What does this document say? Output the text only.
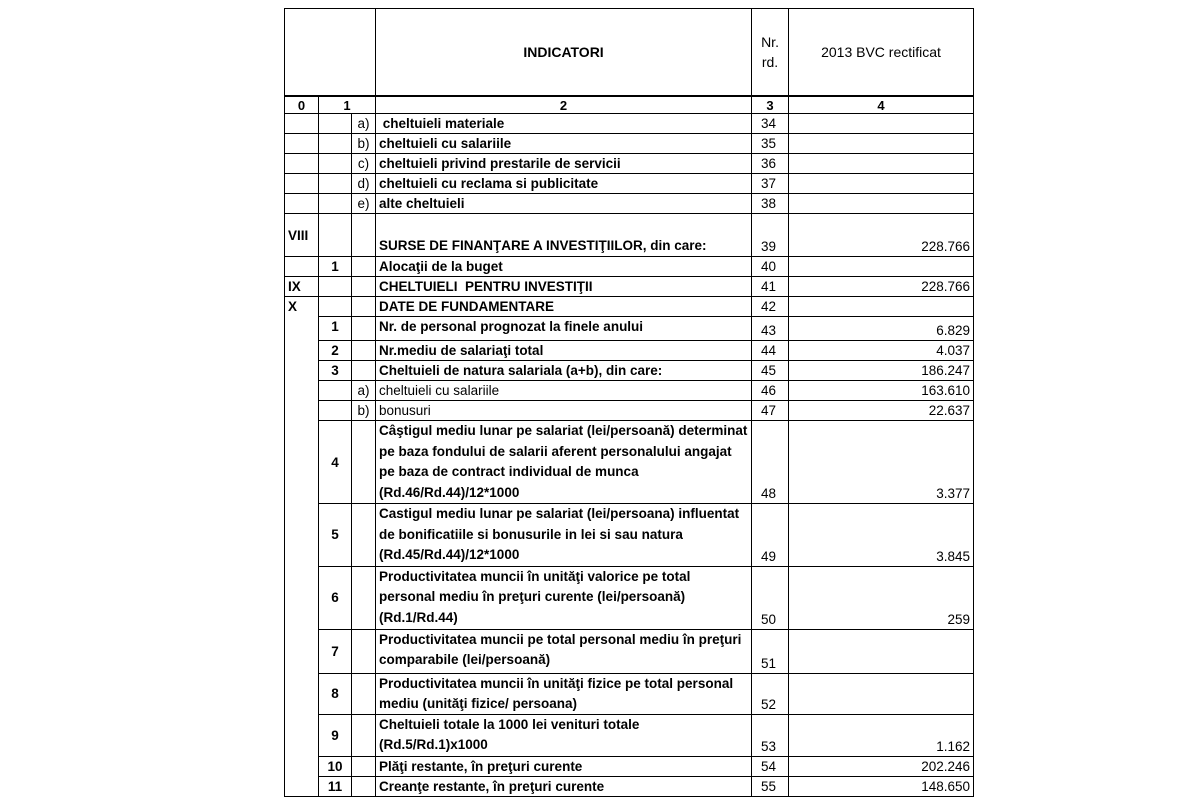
			INDICATORI	Nr. rd.	2013 BVC rectificat
0	1		2	3	4
		a)	cheltuieli materiale	34	
		b)	cheltuieli cu salariile	35	
		c)	cheltuieli privind prestarile de servicii	36	
		d)	cheltuieli cu reclama si publicitate	37	
		e)	alte cheltuieli	38	
VIII			SURSE DE FINANŢARE A INVESTIŢIILOR, din care:	39	228.766
	1		Alocaţii de la buget	40	
IX			CHELTUIELI  PENTRU INVESTIŢII	41	228.766
X			DATE DE FUNDAMENTARE	42	
	1		Nr. de personal prognozat la finele anului	43	6.829
	2		Nr.mediu de salariaţi total	44	4.037
	3		Cheltuieli de natura salariala (a+b), din care:	45	186.247
		a)	cheltuieli cu salariile	46	163.610
		b)	bonusuri	47	22.637
	4		Câştigul mediu lunar pe salariat (lei/persoană) determinat pe baza fondului de salarii aferent personalului angajat pe baza de contract individual de munca (Rd.46/Rd.44)/12*1000	48	3.377
	5		Castigul mediu lunar pe salariat (lei/persoana) influentat de bonificatiile si bonusurile in lei si sau natura (Rd.45/Rd.44)/12*1000	49	3.845
	6		Productivitatea muncii în unităţi valorice pe total personal mediu în preţuri curente (lei/persoană) (Rd.1/Rd.44)	50	259
	7		Productivitatea muncii pe total personal mediu în preţuri comparabile (lei/persoană)	51	
	8		Productivitatea muncii în unităţi fizice pe total personal mediu (unităţi fizice/ persoana)	52	
	9		Cheltuieli totale la 1000 lei venituri totale (Rd.5/Rd.1)x1000	53	1.162
	10		Plăţi restante, în preţuri curente	54	202.246
	11		Creanţe restante, în preţuri curente	55	148.650
